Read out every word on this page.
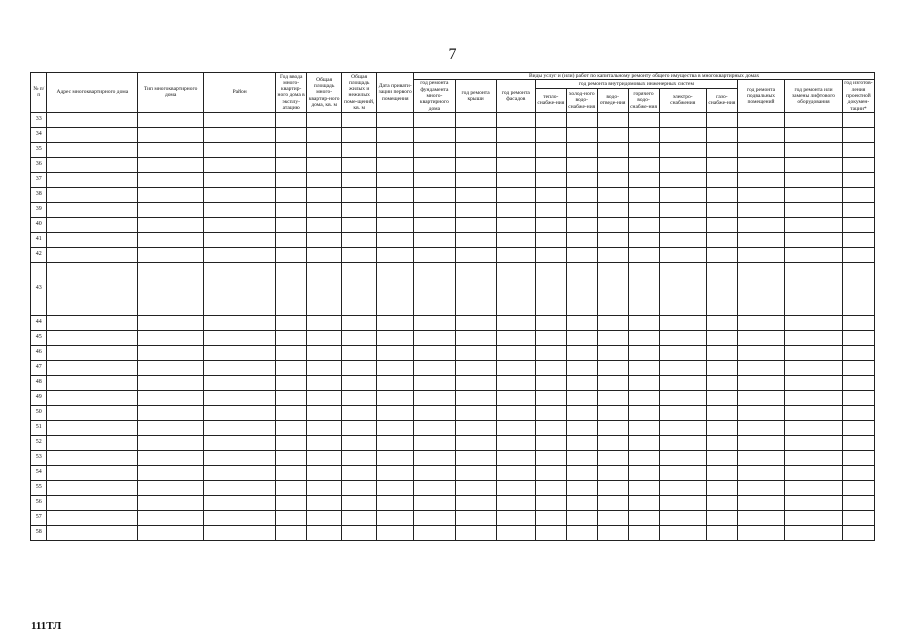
7
№ п/п	Адрес многоквартирного дома	Тип многоквартирного дома	Район	Год ввода много-квартир-ного дома в эксплу-атацию	Общая площадь много-квартир-ного дома, кв. м	Общая площадь жилых и нежилых поме-щений, кв. м	Дата привати-зации первого помещения	Виды услуг и (или) работ по капитальному ремонту общего имущества в многоквартирных домах											
								год ремонта фундамента много-квартирного дома	год ремонта крыши	год ремонта фасадов	год ремонта внутридомовых инженерных систем						год ремонта подвальных помещений	год ремонта или замены лифтового оборудования	год изготов-ления проектной докумен-тации*
											тепло-снабже-ния	холод-ного водо-снабже-ния	водо-отведе-ния	горячего водо-снабже-ния	электро-снабжения	газо-снабже-ния			
33																			
34																			
35																			
36																			
37																			
38																			
39																			
40																			
41																			
42																			
43																			
44																			
45																			
46																			
47																			
48																			
49																			
50																			
51																			
52																			
53																			
54																			
55																			
56																			
57																			
58																			
111ТЛ
